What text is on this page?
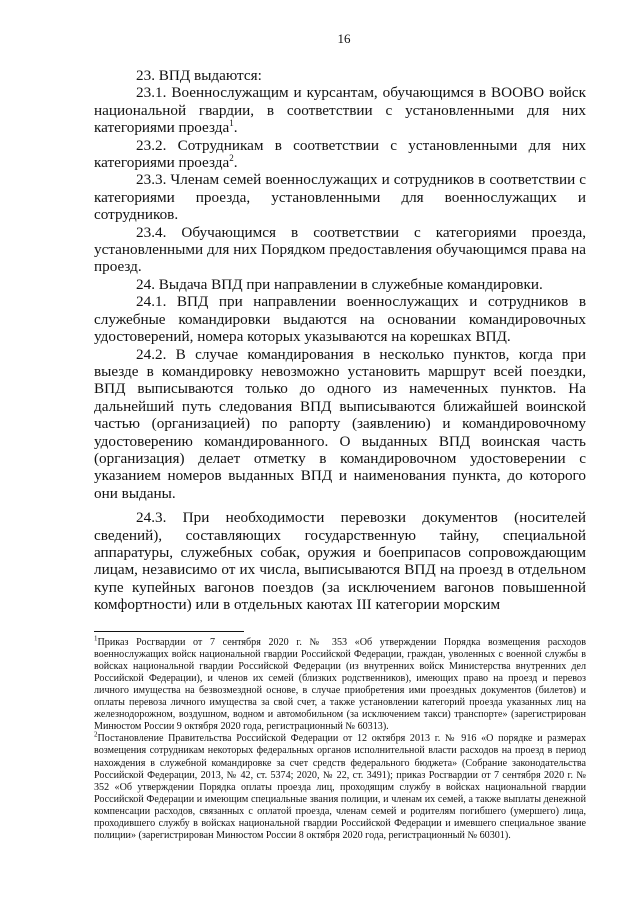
16

23. ВПД выдаются:

23.1. Военнослужащим и курсантам, обучающимся в ВООВО войск национальной гвардии, в соответствии с установленными для них категориями проезда$^1$.

23.2. Сотрудникам в соответствии с установленными для них категориями проезда$^2$.

23.3. Членам семей военнослужащих и сотрудников в соответствии с категориями проезда, установленными для военнослужащих и сотрудников.

23.4. Обучающимся в соответствии с категориями проезда, установленными для них Порядком предоставления обучающимся права на проезд.

24. Выдача ВПД при направлении в служебные командировки.

24.1. ВПД при направлении военнослужащих и сотрудников в служебные командировки выдаются на основании командировочных удостоверений, номера которых указываются на корешках ВПД.

24.2. В случае командирования в несколько пунктов, когда при выезде в командировку невозможно установить маршрут всей поездки, ВПД выписываются только до одного из намеченных пунктов. На дальнейший путь следования ВПД выписываются ближайшей воинской частью (организацией) по рапорту (заявлению) и командировочному удостоверению командированного. О выданных ВПД воинская часть (организация) делает отметку в командировочном удостоверении с указанием номеров выданных ВПД и наименования пункта, до которого они выданы.

24.3. При необходимости перевозки документов (носителей сведений), составляющих государственную тайну, специальной аппаратуры, служебных собак, оружия и боеприпасов сопровождающим лицам, независимо от их числа, выписываются ВПД на проезд в отдельном купе купейных вагонов поездов (за исключением вагонов повышенной комфортности) или в отдельных каютах III категории морским

$^1$Приказ Росгвардии от 7 сентября 2020 г. № 353 «Об утверждении Порядка возмещения расходов военнослужащих войск национальной гвардии Российской Федерации, граждан, уволенных с военной службы в войсках национальной гвардии Российской Федерации (из внутренних войск Министерства внутренних дел Российской Федерации), и членов их семей (близких родственников), имеющих право на проезд и перевоз личного имущества на безвозмездной основе, в случае приобретения ими проездных документов (билетов) и оплаты перевоза личного имущества за свой счет, а также установлении категорий проезда указанных лиц на железнодорожном, воздушном, водном и автомобильном (за исключением такси) транспорте» (зарегистрирован Минюстом России 9 октября 2020 года, регистрационный № 60313).

$^2$Постановление Правительства Российской Федерации от 12 октября 2013 г. № 916 «О порядке и размерах возмещения сотрудникам некоторых федеральных органов исполнительной власти расходов на проезд в период нахождения в служебной командировке за счет средств федерального бюджета» (Собрание законодательства Российской Федерации, 2013, № 42, ст. 5374; 2020, № 22, ст. 3491); приказ Росгвардии от 7 сентября 2020 г. № 352 «Об утверждении Порядка оплаты проезда лиц, проходящим службу в войсках национальной гвардии Российской Федерации и имеющим специальные звания полиции, и членам их семей, а также выплаты денежной компенсации расходов, связанных с оплатой проезда, членам семей и родителям погибшего (умершего) лица, проходившего службу в войсках национальной гвардии Российской Федерации и имевшего специальное звание полиции» (зарегистрирован Минюстом России 8 октября 2020 года, регистрационный № 60301).
